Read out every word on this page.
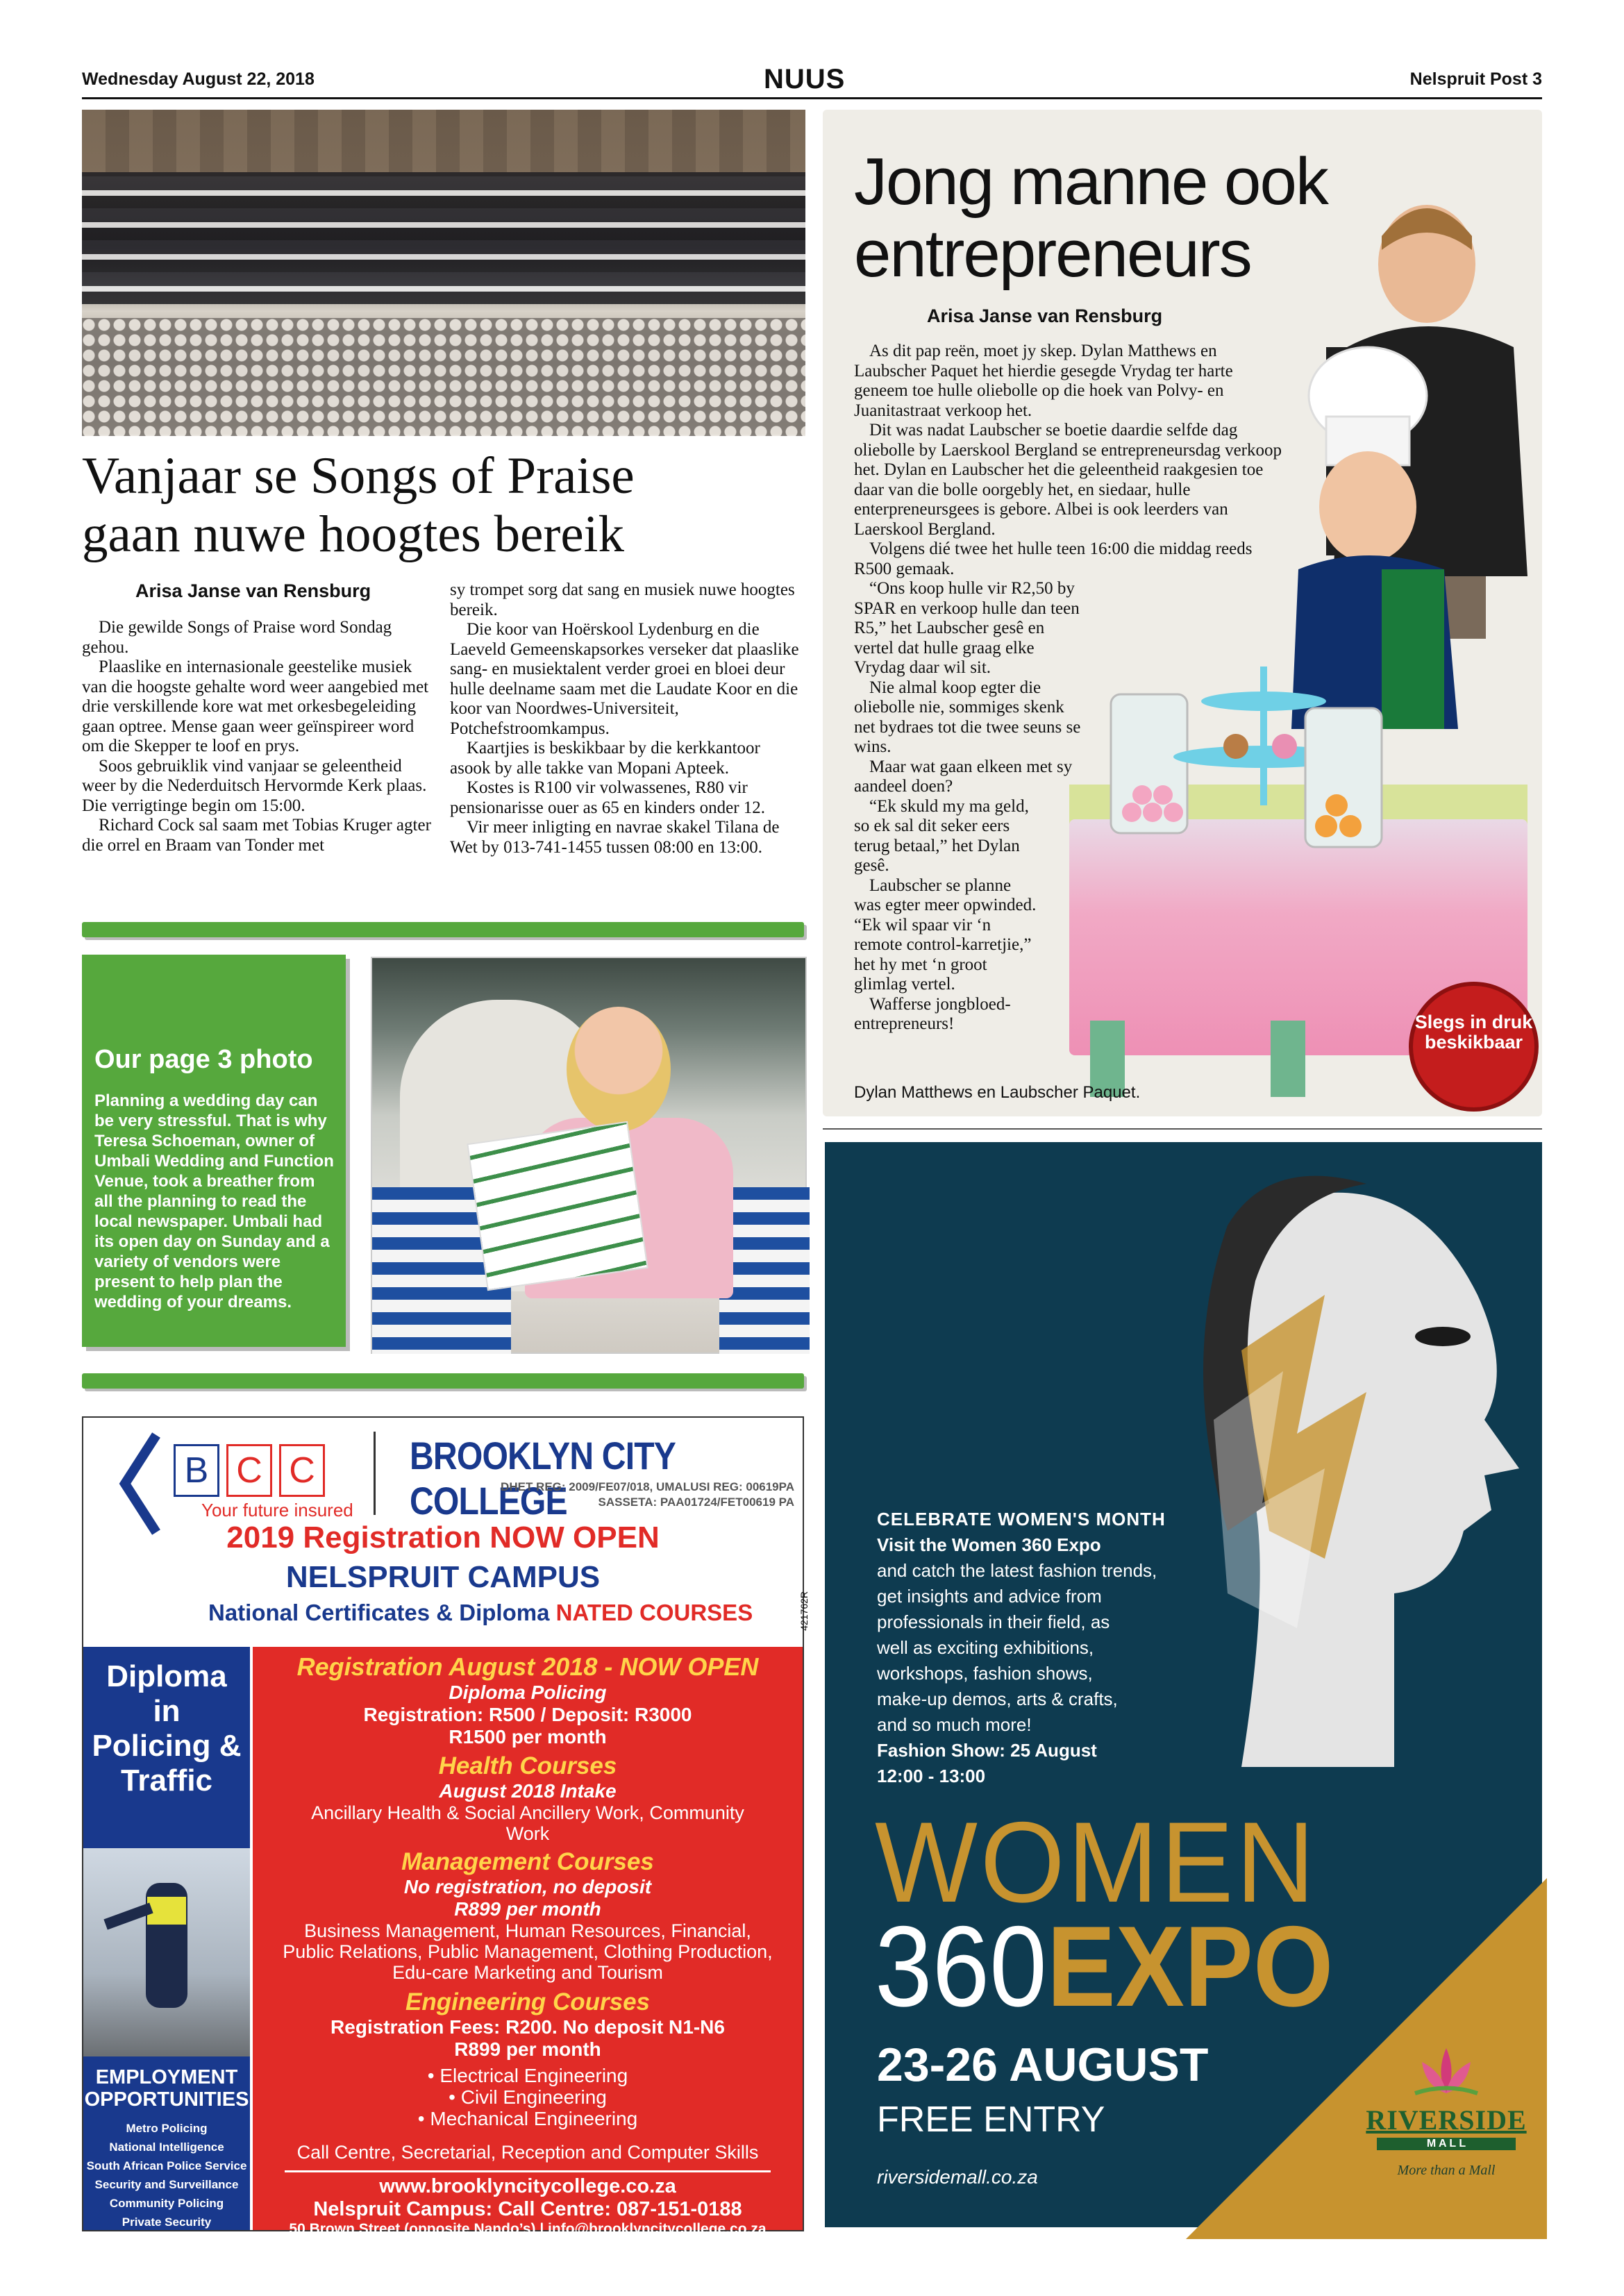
Wednesday August 22, 2018	NUUS	Nelspruit Post 3
Vanjaar se Songs of Praise
gaan nuwe hoogtes bereik
Arisa Janse van Rensburg

Die gewilde Songs of Praise word Sondag gehou.

Plaaslike en internasionale geestelike musiek van die hoogste gehalte word weer aangebied met drie verskillende kore wat met orkesbegeleiding gaan optree. Mense gaan weer geïnspireer word om die Skepper te loof en prys.

Soos gebruiklik vind vanjaar se geleentheid weer by die Nederduitsch Hervormde Kerk plaas. Die verrigtinge begin om 15:00.

Richard Cock sal saam met Tobias Kruger agter die orrel en Braam van Tonder met

sy trompet sorg dat sang en musiek nuwe hoogtes bereik.

Die koor van Hoërskool Lydenburg en die Laeveld Gemeenskapsorkes verseker dat plaaslike sang- en musiektalent verder groei en bloei deur hulle deelname saam met die Laudate Koor en die koor van Noordwes-Universiteit, Potchefstroomkampus.

Kaartjies is beskikbaar by die kerkkantoor asook by alle takke van Mopani Apteek.

Kostes is R100 vir volwassenes, R80 vir pensionarisse ouer as 65 en kinders onder 12.

Vir meer inligting en navrae skakel Tilana de Wet by 013-741-1455 tussen 08:00 en 13:00.

Our page 3 photo
Planning a wedding day can be very stressful. That is why Teresa Schoeman, owner of Umbali Wedding and Function Venue, took a breather from all the planning to read the local newspaper. Umbali had its open day on Sunday and a variety of vendors were present to help plan the wedding of your dreams.
Jong manne ook
entrepreneurs
Arisa Janse van Rensburg

As dit pap reën, moet jy skep. Dylan Matthews en Laubscher Paquet het hierdie gesegde Vrydag ter harte geneem toe hulle oliebolle op die hoek van Polvy- en Juanitastraat verkoop het.

Dit was nadat Laubscher se boetie daardie selfde dag oliebolle by Laerskool Bergland se entrepreneursdag verkoop het. Dylan en Laubscher het die geleentheid raakgesien toe daar van die bolle oorgebly het, en siedaar, hulle enterpreneursgees is gebore. Albei is ook leerders van Laerskool Bergland.

Volgens dié twee het hulle teen 16:00 die middag reeds R500 gemaak.

“Ons koop hulle vir R2,50 by SPAR en verkoop hulle dan teen R5,” het Laubscher gesê en vertel dat hulle graag elke Vrydag daar wil sit.

Nie almal koop egter die oliebolle nie, sommiges skenk net bydraes tot die twee seuns se wins.

Maar wat gaan elkeen met sy aandeel doen?

“Ek skuld my ma geld, so ek sal dit seker eers terug betaal,” het Dylan gesê.

Laubscher se planne was egter meer opwinded. “Ek wil spaar vir ‘n remote control-karretjie,” het hy met ‘n groot glimlag vertel.

Wafferse jongbloed-entrepreneurs!	Slegs in druk beskikbaar
Dylan Matthews en Laubscher Paquet.
B C C
Your future insured
BROOKLYN CITY COLLEGE
DHET REG: 2009/FE07/018, UMALUSI REG: 00619PA
SASSETA: PAA01724/FET00619 PA
2019 Registration NOW OPEN
NELSPRUIT CAMPUS
National Certificates & Diploma NATED COURSES	421762R
Diploma in Policing & Traffic
EMPLOYMENT OPPORTUNITIES
Metro Policing
National Intelligence
South African Police Service
Security and Surveillance
Community Policing
Private Security
Registration August 2018 - NOW OPEN
Diploma Policing
Registration: R500 / Deposit: R3000
R1500 per month
Health Courses
August 2018 Intake
Ancillary Health & Social Ancillery Work, Community Work
Management Courses
No registration, no deposit
R899 per month
Business Management, Human Resources, Financial, Public Relations, Public Management, Clothing Production, Edu-care Marketing and Tourism
Engineering Courses
Registration Fees: R200. No deposit N1-N6
R899 per month
• Electrical Engineering
• Civil Engineering
• Mechanical Engineering
Call Centre, Secretarial, Reception and Computer Skills
www.brooklyncitycollege.co.za
Nelspruit Campus: Call Centre: 087-151-0188
50 Brown Street (opposite Nando’s) | info@brooklyncitycollege.co.za
CELEBRATE WOMEN'S MONTH
Visit the Women 360 Expo
and catch the latest fashion trends,
get insights and advice from
professionals in their field, as
well as exciting exhibitions,
workshops, fashion shows,
make-up demos, arts & crafts,
and so much more!
Fashion Show: 25 August
12:00 - 13:00
WOMEN
360EXPO
23-26 AUGUST
FREE ENTRY
riversidemall.co.za
RIVERSIDE
M A L L
More than a Mall
